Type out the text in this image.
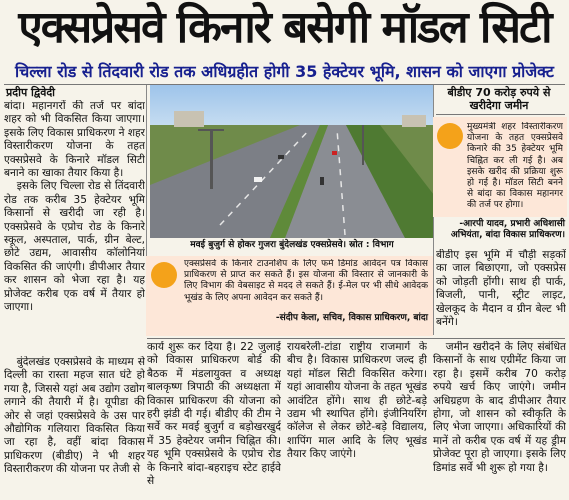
एक्सप्रेसवे किनारे बसेगी मॉडल सिटी
चिल्ला रोड से तिंदवारी रोड तक अधिग्रहीत होगी 35 हेक्टेयर भूमि, शासन को जाएगा प्रोजेक्ट
प्रदीप द्विवेदी

बांदा। महानगरों की तर्ज पर बांदा शहर को भी विकसित किया जाएगा। इसके लिए विकास प्राधिकरण ने शहर विस्तारीकरण योजना के तहत एक्सप्रेसवे के किनारे मॉडल सिटी बनाने का खाका तैयार किया है।

इसके लिए चिल्ला रोड से तिंदवारी रोड तक करीब 35 हेक्टेयर भूमि किसानों से खरीदी जा रही है। एक्सप्रेसवे के एप्रोच रोड के किनारे स्कूल, अस्पताल, पार्क, ग्रीन बेल्ट, छोटे उद्यम, आवासीय कॉलोनियां विकसित की जाएंगी। डीपीआर तैयार कर शासन को भेजा रहा है। यह प्रोजेक्ट करीब एक वर्ष में तैयार हो जाएगा।

बुंदेलखंड एक्सप्रेसवे के माध्यम से दिल्ली का रास्ता महज सात घंटे हो गया है, जिससे यहां अब उद्योग उद्योग लगाने की तैयारी में है। यूपीडा की ओर से जहां एक्सप्रेसवे के उस पार औद्योगिक गलियारा विकसित किया जा रहा है, वहीं बांदा विकास प्राधिकरण (बीडीए) ने भी शहर विस्तारीकरण की योजना पर तेजी से
मवई बुजुर्ग से होकर गुजरा बुंदेलखंड एक्सप्रेसवे। स्रोत : विभाग
बीडीए 70 करोड़ रुपये से खरीदेगा जमीन
मुख्यमंत्री शहर विस्तारीकरण योजना के तहत एक्सप्रेसवे किनारे की 35 हेक्टेयर भूमि चिह्नित कर ली गई है। अब इसके खरीद की प्रक्रिया शुरू हो गई है। मॉडल सिटी बनने से बांदा का विकास महानगर की तर्ज पर होगा।
-आरपी यादव, प्रभारी अधिशासी अभियंता, बांदा विकास प्राधिकरण।
बीडीए इस भूमि में चौड़ी सड़कों का जाल बिछाएगा, जो एक्सप्रेस को जोड़ती होंगी। साथ ही पार्क, बिजली, पानी, स्ट्रीट लाइट, खेलकूद के मैदान व ग्रीन बेल्ट भी बनेंगे।
एक्सप्रेसवे के किनारे टाउनशिप के लिए फर्म डिमांड आवेदन पत्र विकास प्राधिकरण से प्राप्त कर सकते हैं। इस योजना की विस्तार से जानकारी के लिए विभाग की वेबसाइट से मदद ले सकते हैं। ई-मेल पर भी सीधे आवेदक भूखंड के लिए अपना आवेदन कर सकते हैं।
-संदीप केला, सचिव, विकास प्राधिकरण, बांदा
कार्य शुरू कर दिया है। 22 जुलाई को विकास प्राधिकरण बोर्ड की बैठक में मंडलायुक्त व अध्यक्ष बालकृष्ण त्रिपाठी की अध्यक्षता में विकास प्राधिकरण की योजना को हरी झंडी दी गई। बीडीए की टीम ने सर्वे कर मवई बुजुर्ग व बड़ोखरखुर्द में 35 हेक्टेयर जमीन चिह्नित की। यह भूमि एक्सप्रेसवे के एप्रोच रोड के किनारे बांदा-बहराइच स्टेट हाईवे से
रायबरेली-टांडा राष्ट्रीय राजमार्ग के बीच है। विकास प्राधिकरण जल्द ही यहां मॉडल सिटी विकसित करेगा। यहां आवासीय योजना के तहत भूखंड आवंटित होंगे। साथ ही छोटे-बड़े उद्यम भी स्थापित होंगे। इंजीनियरिंग कॉलेज से लेकर छोटे-बड़े विद्यालय, शापिंग माल आदि के लिए भूखंड तैयार किए जाएंगे।
जमीन खरीदने के लिए संबंधित किसानों के साथ एग्रीमेंट किया जा रहा है। इसमें करीब 70 करोड़ रुपये खर्च किए जाएंगे। जमीन अधिग्रहण के बाद डीपीआर तैयार होगा, जो शासन को स्वीकृति के लिए भेजा जाएगा। अधिकारियों की मानें तो करीब एक वर्ष में यह ड्रीम प्रोजेक्ट पूरा हो जाएगा। इसके लिए डिमांड सर्वे भी शुरू हो गया है।
